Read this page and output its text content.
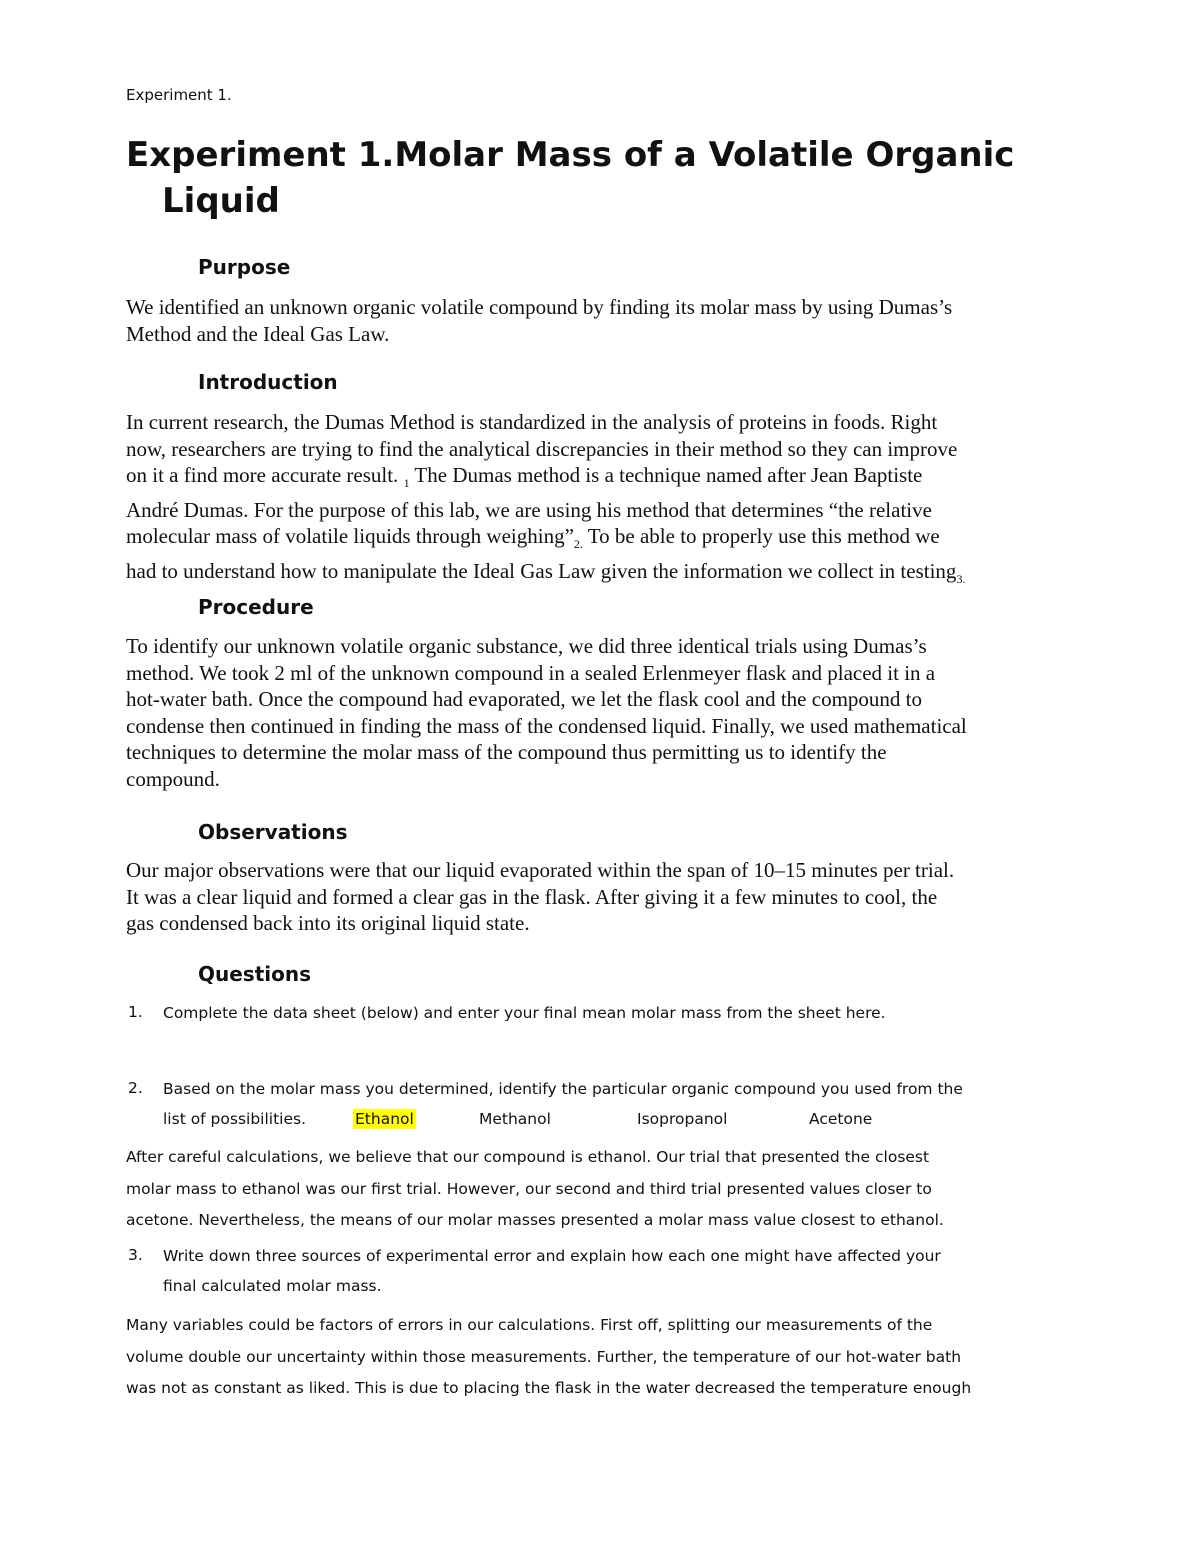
Experiment 1.
Experiment 1.Molar Mass of a Volatile Organic
Liquid
Purpose
We identified an unknown organic volatile compound by finding its molar mass by using Dumas’s
Method and the Ideal Gas Law.
Introduction
In current research, the Dumas Method is standardized in the analysis of proteins in foods. Right
now, researchers are trying to find the analytical discrepancies in their method so they can improve
on it a find more accurate result. $_1$ The Dumas method is a technique named after Jean Baptiste
André Dumas. For the purpose of this lab, we are using his method that determines “the relative
molecular mass of volatile liquids through $weighing”_{2.}$ To be able to properly use this method we
had to understand how to manipulate the Ideal Gas Law given the information we collect in testing$_{3.}$
Procedure
To identify our unknown volatile organic substance, we did three identical trials using Dumas’s
method. We took 2 ml of the unknown compound in a sealed Erlenmeyer flask and placed it in a
hot-water bath. Once the compound had evaporated, we let the flask cool and the compound to
condense then continued in finding the mass of the condensed liquid. Finally, we used mathematical
techniques to determine the molar mass of the compound thus permitting us to identify the
compound.
Observations
Our major observations were that our liquid evaporated within the span of 10–15 minutes per trial.
It was a clear liquid and formed a clear gas in the flask. After giving it a few minutes to cool, the
gas condensed back into its original liquid state.
Questions
1. Complete the data sheet (below) and enter your final mean molar mass from the sheet here.
2. Based on the molar mass you determined, identify the particular organic compound you used from the
list of possibilities.	Ethanol	Methanol	Isopropanol	Acetone
After careful calculations, we believe that our compound is ethanol. Our trial that presented the closest
molar mass to ethanol was our first trial. However, our second and third trial presented values closer to
acetone. Nevertheless, the means of our molar masses presented a molar mass value closest to ethanol.
3. Write down three sources of experimental error and explain how each one might have affected your
final calculated molar mass.
Many variables could be factors of errors in our calculations. First off, splitting our measurements of the
volume double our uncertainty within those measurements. Further, the temperature of our hot-water bath
was not as constant as liked. This is due to placing the flask in the water decreased the temperature enough
